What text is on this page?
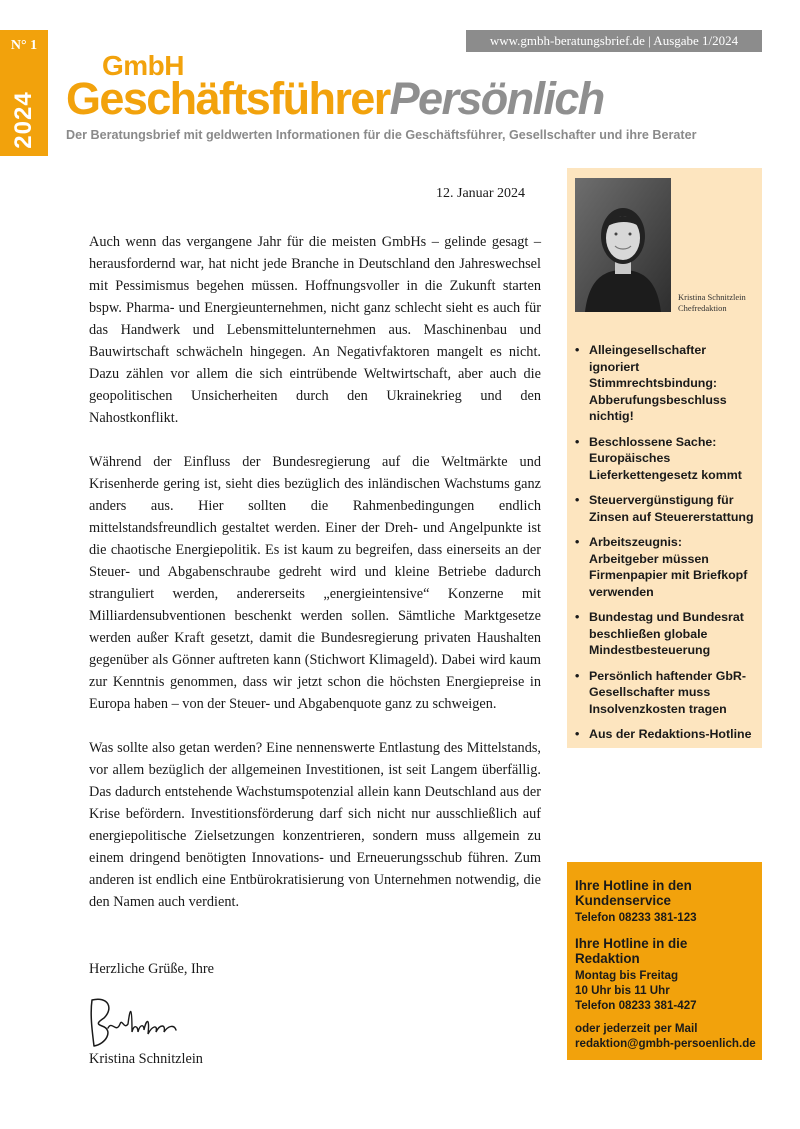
N° 1
2024
www.gmbh-beratungsbrief.de | Ausgabe 1/2024
GmbH
GeschäftsführerPersönlich
Der Beratungsbrief mit geldwerten Informationen für die Geschäftsführer, Gesellschafter und ihre Berater
12. Januar 2024

Auch wenn das vergangene Jahr für die meisten GmbHs – gelinde gesagt – herausfordernd war, hat nicht jede Branche in Deutschland den Jahreswechsel mit Pessimismus begehen müssen. Hoffnungsvoller in die Zukunft starten bspw. Pharma- und Energieunternehmen, nicht ganz schlecht sieht es auch für das Handwerk und Lebensmittelunternehmen aus. Maschinenbau und Bauwirtschaft schwächeln hingegen. An Negativfaktoren mangelt es nicht. Dazu zählen vor allem die sich eintrübende Weltwirtschaft, aber auch die geopolitischen Unsicherheiten durch den Ukrainekrieg und den Nahostkonflikt.

Während der Einfluss der Bundesregierung auf die Weltmärkte und Krisenherde gering ist, sieht dies bezüglich des inländischen Wachstums ganz anders aus. Hier sollten die Rahmenbedingungen endlich mittelstandsfreundlich gestaltet werden. Einer der Dreh- und Angelpunkte ist die chaotische Energiepolitik. Es ist kaum zu begreifen, dass einerseits an der Steuer- und Abgabenschraube gedreht wird und kleine Betriebe dadurch stranguliert werden, andererseits „energieintensive“ Konzerne mit Milliardensubventionen beschenkt werden sollen. Sämtliche Marktgesetze werden außer Kraft gesetzt, damit die Bundesregierung privaten Haushalten gegenüber als Gönner auftreten kann (Stichwort Klimageld). Dabei wird kaum zur Kenntnis genommen, dass wir jetzt schon die höchsten Energiepreise in Europa haben – von der Steuer- und Abgabenquote ganz zu schweigen.

Was sollte also getan werden? Eine nennenswerte Entlastung des Mittelstands, vor allem bezüglich der allgemeinen Investitionen, ist seit Langem überfällig. Das dadurch entstehende Wachstumspotenzial allein kann Deutschland aus der Krise befördern. Investitionsförderung darf sich nicht nur ausschließlich auf energiepolitische Zielsetzungen konzentrieren, sondern muss allgemein zu einem dringend benötigten Innovations- und Erneuerungsschub führen. Zum anderen ist endlich eine Entbürokratisierung von Unternehmen notwendig, die den Namen auch verdient.

Herzliche Grüße, Ihre
Kristina Schnitzlein
Kristina Schnitzlein
Chefredaktion
• Alleingesellschafter ignoriert Stimmrechtsbindung: Abberufungsbeschluss nichtig!
• Beschlossene Sache: Europäisches Lieferkettengesetz kommt
• Steuervergünstigung für Zinsen auf Steuererstattung
• Arbeitszeugnis: Arbeitgeber müssen Firmenpapier mit Briefkopf verwenden
• Bundestag und Bundesrat beschließen globale Mindestbesteuerung
• Persönlich haftender GbR-Gesellschafter muss Insolvenzkosten tragen
• Aus der Redaktions-Hotline
Ihre Hotline in den Kundenservice
Telefon 08233 381-123
Ihre Hotline in die Redaktion
Montag bis Freitag
10 Uhr bis 11 Uhr
Telefon 08233 381-427
oder jederzeit per Mail
redaktion@gmbh-persoenlich.de
